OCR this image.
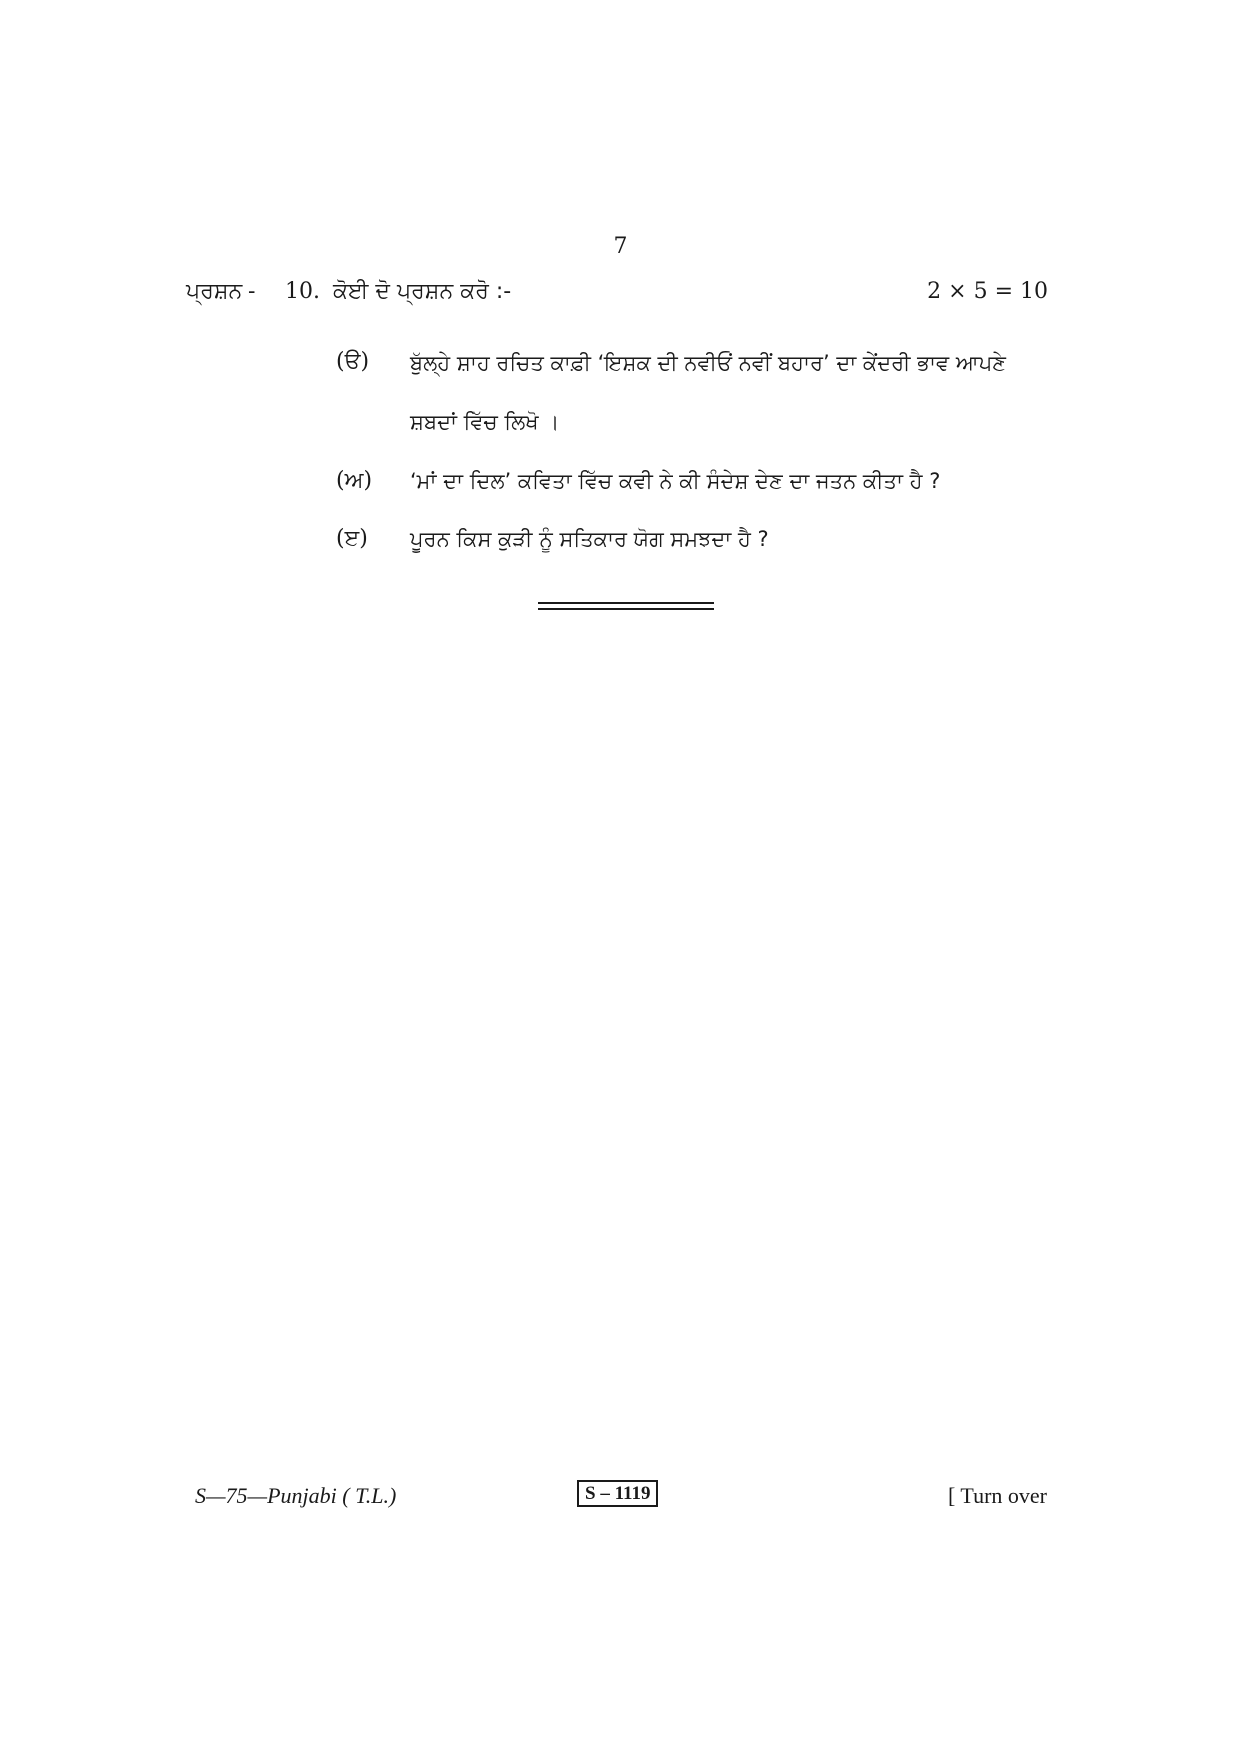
7
ਪ੍ਰਸ਼ਨ - 10. ਕੋਈ ਦੋ ਪ੍ਰਸ਼ਨ ਕਰੋ :-	2 × 5 = 10
(ੳ) ਬੁੱਲ੍ਹੇ ਸ਼ਾਹ ਰਚਿਤ ਕਾਫ਼ੀ ‘ਇਸ਼ਕ ਦੀ ਨਵੀਓਂ ਨਵੀਂ ਬਹਾਰ’ ਦਾ ਕੇਂਦਰੀ ਭਾਵ ਆਪਣੇ
ਸ਼ਬਦਾਂ ਵਿੱਚ ਲਿਖੋ ।
(ਅ) ‘ਮਾਂ ਦਾ ਦਿਲ’ ਕਵਿਤਾ ਵਿੱਚ ਕਵੀ ਨੇ ਕੀ ਸੰਦੇਸ਼ ਦੇਣ ਦਾ ਜਤਨ ਕੀਤਾ ਹੈ ?
(ੲ) ਪੂਰਨ ਕਿਸ ਕੁੜੀ ਨੂੰ ਸਤਿਕਾਰ ਯੋਗ ਸਮਝਦਾ ਹੈ ?
S—75—Punjabi ( T.L.)	S – 1119	[ Turn over
